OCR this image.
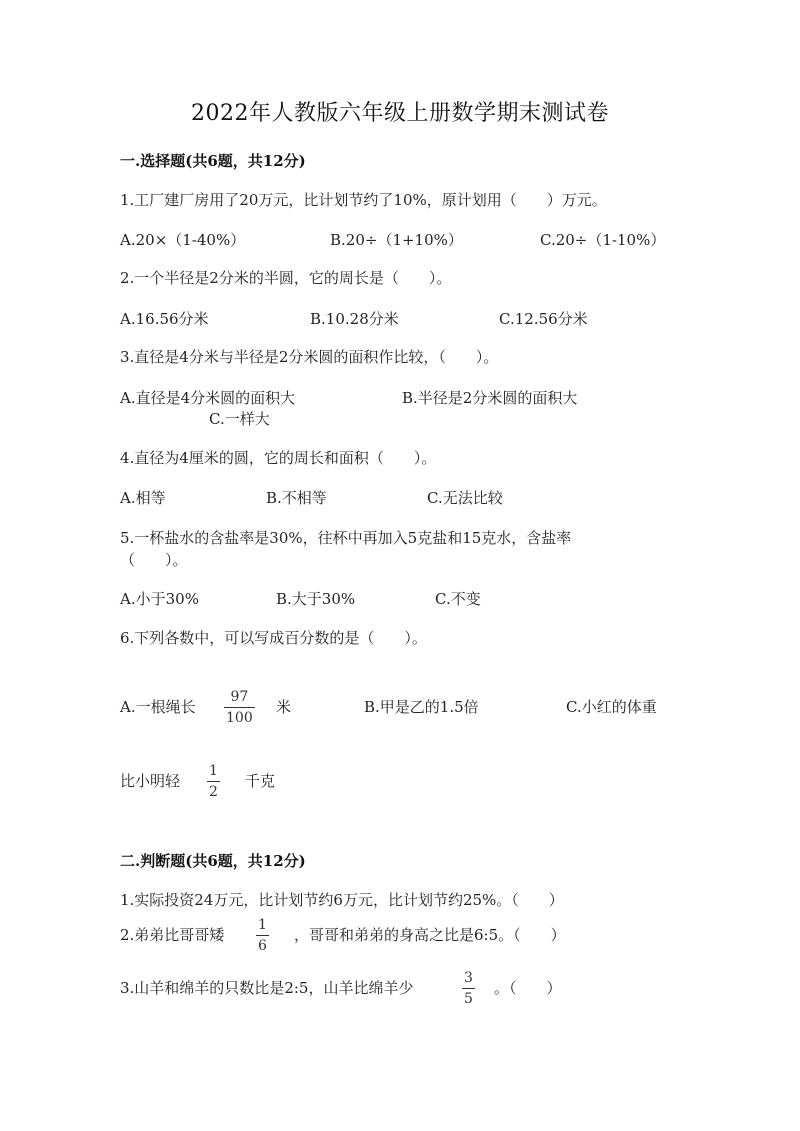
2022年人教版六年级上册数学期末测试卷
一.选择题(共6题，共12分)
1.工厂建厂房用了20万元，比计划节约了10%，原计划用（　　）万元。
A.20×（1-40%）	B.20÷（1+10%）	C.20÷（1-10%）
2.一个半径是2分米的半圆，它的周长是（　　）。
A.16.56分米	B.10.28分米	C.12.56分米
3.直径是4分米与半径是2分米圆的面积作比较，（　　）。
A.直径是4分米圆的面积大	B.半径是2分米圆的面积大
C.一样大
4.直径为4厘米的圆，它的周长和面积（　　）。
A.相等	B.不相等	C.无法比较
5.一杯盐水的含盐率是30%，往杯中再加入5克盐和15克水，含盐率
（　　）。
A.小于30%	B.大于30%	C.不变
6.下列各数中，可以写成百分数的是（　　）。
A.一根绳长
97
100
米	B.甲是乙的1.5倍	C.小红的体重
比小明轻
1
2
千克
二.判断题(共6题，共12分)
1.实际投资24万元，比计划节约6万元，比计划节约25%。（　　）
2.弟弟比哥哥矮
1
6
，哥哥和弟弟的身高之比是6:5。（　　）
3.山羊和绵羊的只数比是2:5，山羊比绵羊少
3
5
。（　　）
